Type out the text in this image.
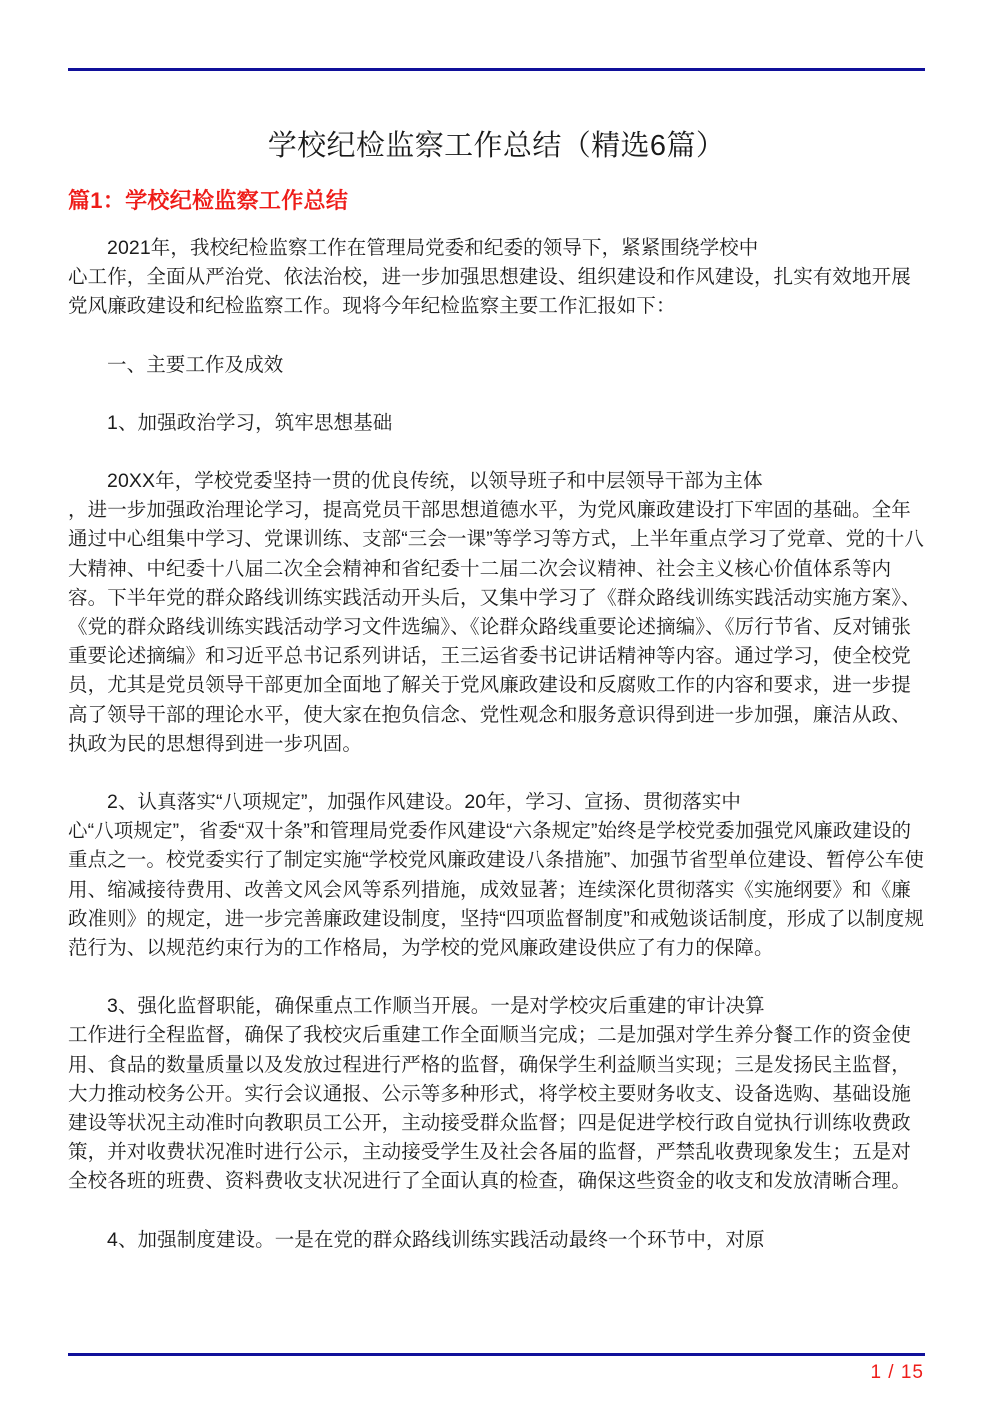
学校纪检监察工作总结（精选6篇）
篇1：学校纪检监察工作总结

2021年，我校纪检监察工作在管理局党委和纪委的领导下，紧紧围绕学校中

心工作，全面从严治党、依法治校，进一步加强思想建设、组织建设和作风建设，扎实有效地开展党风廉政建设和纪检监察工作。现将今年纪检监察主要工作汇报如下：

一、主要工作及成效

1、加强政治学习，筑牢思想基础

20XX年，学校党委坚持一贯的优良传统，以领导班子和中层领导干部为主体

，进一步加强政治理论学习，提高党员干部思想道德水平，为党风廉政建设打下牢固的基础。全年通过中心组集中学习、党课训练、支部“三会一课”等学习等方式，上半年重点学习了党章、党的十八大精神、中纪委十八届二次全会精神和省纪委十二届二次会议精神、社会主义核心价值体系等内容。下半年党的群众路线训练实践活动开头后，又集中学习了《群众路线训练实践活动实施方案》、《党的群众路线训练实践活动学习文件选编》、《论群众路线重要论述摘编》、《厉行节省、反对铺张重要论述摘编》和习近平总书记系列讲话，王三运省委书记讲话精神等内容。通过学习，使全校党员，尤其是党员领导干部更加全面地了解关于党风廉政建设和反腐败工作的内容和要求，进一步提高了领导干部的理论水平，使大家在抱负信念、党性观念和服务意识得到进一步加强，廉洁从政、执政为民的思想得到进一步巩固。

2、认真落实“八项规定”，加强作风建设。20年，学习、宣扬、贯彻落实中

心“八项规定”，省委“双十条”和管理局党委作风建设“六条规定”始终是学校党委加强党风廉政建设的重点之一。校党委实行了制定实施“学校党风廉政建设八条措施”、加强节省型单位建设、暂停公车使用、缩减接待费用、改善文风会风等系列措施，成效显著；连续深化贯彻落实《实施纲要》和《廉政准则》的规定，进一步完善廉政建设制度，坚持“四项监督制度”和戒勉谈话制度，形成了以制度规范行为、以规范约束行为的工作格局，为学校的党风廉政建设供应了有力的保障。

3、强化监督职能，确保重点工作顺当开展。一是对学校灾后重建的审计决算

工作进行全程监督，确保了我校灾后重建工作全面顺当完成；二是加强对学生养分餐工作的资金使用、食品的数量质量以及发放过程进行严格的监督，确保学生利益顺当实现；三是发扬民主监督，大力推动校务公开。实行会议通报、公示等多种形式，将学校主要财务收支、设备选购、基础设施建设等状况主动准时向教职员工公开，主动接受群众监督；四是促进学校行政自觉执行训练收费政策，并对收费状况准时进行公示，主动接受学生及社会各届的监督，严禁乱收费现象发生；五是对全校各班的班费、资料费收支状况进行了全面认真的检查，确保这些资金的收支和发放清晰合理。

4、加强制度建设。一是在党的群众路线训练实践活动最终一个环节中，对原

1 / 15
